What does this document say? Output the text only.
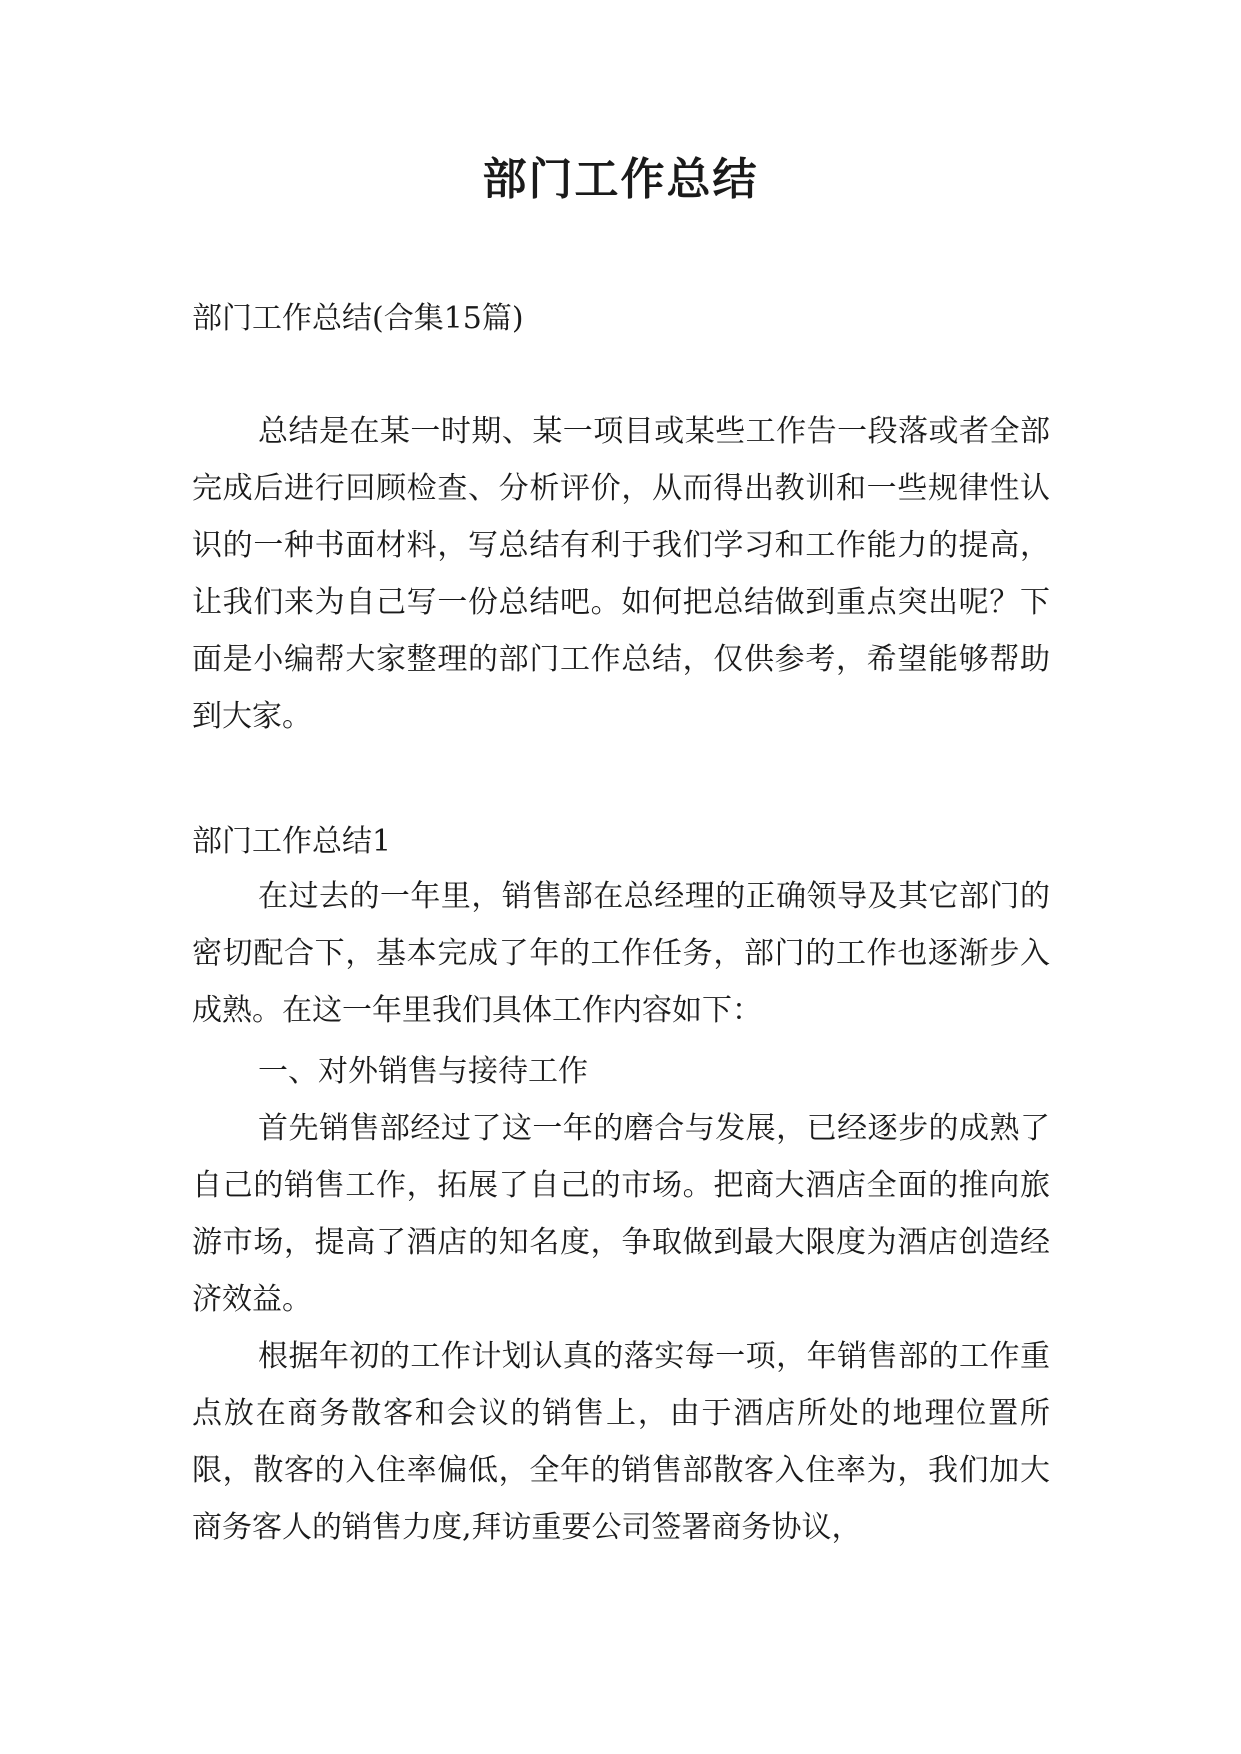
部门工作总结

部门工作总结(合集15篇)

总结是在某一时期、某一项目或某些工作告一段落或者全部完成后进行回顾检查、分析评价，从而得出教训和一些规律性认识的一种书面材料，写总结有利于我们学习和工作能力的提高，让我们来为自己写一份总结吧。如何把总结做到重点突出呢？下面是小编帮大家整理的部门工作总结，仅供参考，希望能够帮助到大家。

部门工作总结1

在过去的一年里，销售部在总经理的正确领导及其它部门的密切配合下，基本完成了年的工作任务，部门的工作也逐渐步入成熟。在这一年里我们具体工作内容如下：

一、对外销售与接待工作

首先销售部经过了这一年的磨合与发展，已经逐步的成熟了自己的销售工作，拓展了自己的市场。把商大酒店全面的推向旅游市场，提高了酒店的知名度，争取做到最大限度为酒店创造经济效益。

根据年初的工作计划认真的落实每一项，年销售部的工作重点放在商务散客和会议的销售上，由于酒店所处的地理位置所限，散客的入住率偏低，全年的销售部散客入住率为，我们加大商务客人的销售力度,拜访重要公司签署商务协议，
